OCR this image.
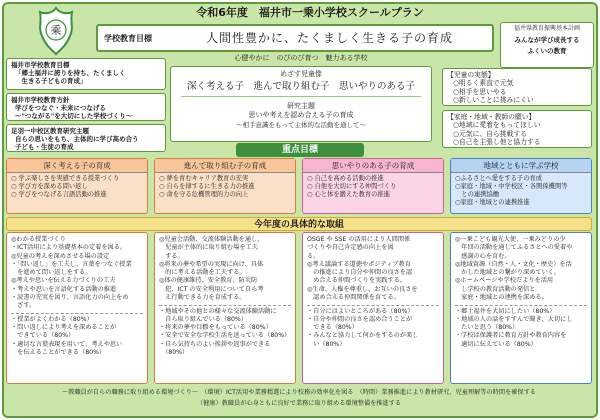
乘
令和6年度　福井市一乗小学校スクールプラン
学校教育目標	人間性豊かに、たくましく生きる子の育成
福井県教育振興基本計画
みんなが学び成長する
ふくいの教育
福井市学校教育目標
「郷土福井に誇りを持ち、たくましく
　生きる子どもの育成」
福井市学校教育方針
学びをつなぐ・未来につなげる
～"つながる"を大切にした学校づくり～
足羽一中校区教育研究主題
自らの思いをもち、主体的に学び高め合う
子ども・生徒の育成
心健やかに　のびのび育つ　魅力ある学校
めざす児童像
深く考える子　進んで取り組む子　思いやりのある子
研究主題
思いや考えを認め合える子の育成
～相手意識をもって主体的な活動を通して～
【児童の実態】
○明るく素直で元気
○相手を思いやる
○新しいことに挑みにくい
【家庭・地域・教師の願い】
○地域に愛着をもってほしい
○元気に、自ら挑戦する
○自己を主張し他と協力する
重点目標
深く考える子の育成
○ 学ぶ楽しさを実感できる授業づくり
○ 学び方を深める問い返し
○ 学びをつなげる言語活動の推進
進んで取り組む子の育成
○ 夢を育むキャリア教育の充実
○ 自らを律するに生きる力の推進
○ 命を守る危機管理的力の向上
思いやりのある子の育成
○ 自己を高める活動の推進
○ 自他を大切にする仲間づくり
○ 心と体を鍛えた教育の推進
地域とともに学ぶ学校
○ふるさとへ愛をする子の育成
○家庭・地域・中学校区・各関係機関等
　との連携協働
○家庭・地域との連携推進
今年度の具体的な取組
◎わかる授業づくり
・ICT活用により基礎基本の定着を図る。
◎児童の考えを深めさせる場の設定
・「問い返し」を工夫し、言葉をつなぐ授業
　を進めて問い返しをする。
◎考えや思いを伝える力づくりの工夫
・考えや思いを言語化する活動の推進
・読書の充実を図り、言語化力の向上をめ
　ざす。
・授業がよくわかる（80%）
・問い返しにより考えを深めることが
　できている（80%）
・適切な言葉表現を用いて、考えや思い
　を伝えることができる（80%）
◎児童会活動、交流体験活動を通し、
　児童が主体的に取り組む場を工夫
　する。
◎将来の夢や希望の実現に向け、具体
　的に考える活動を工夫する。
◎体の健康維持、安全教育、防災防
　犯、ICT の安全利用について自ら考
　え行動できる力を育成する。
・地域やその他との様々な交流体験活動に
　自ら取り組んでいる（80%）
・将来の夢や目標をもっている（80%）
・安全で安全な学校生活を送っている（80%）
・自ら気持ちのよい挨拶や返事ができる
　（80%）
OSGE や SSE の活用により人間関係
づくりや自己肯定感の向上を図
る。
◎考え議論する道徳やポジティブ教育
　の推進により自分や仲間の良さを認
　め合える仲間づくりを実践する。
◎生命、人権を尊重し、お互いの良さを
　認め合える仲間関係を育てる。
・自分にはよいところがある（80%）
・自分や仲間の良さを認め合うことが
　できる（80%）
・みんなと協力して何かをするのが楽し
　い（80%）
◎一乗こども観光大使、一乗みどりの少
　年団の活動を通してふるさとへの愛着や
　感謝の心を育む。
◎地域資源（自然・人・文化・歴史）を活
　かした地域との繋がり深めていく。
◎ホームページや学校だよりを活用
　し学校の教育活動の発信と
　家庭・地域との連携を深める。
・郷土福井を大切にしたい（80%）
・地域の人の話をすすんで聞き、大切にし
　たいと思う（80%）
・学校は保護者に教育方針や教育内容を
　適切に伝えている（80%）
～教職員が自らの職務に取り組める環境づくり～　（環境）ICT活用や業務精選により校務の効率化を図る　（時間）業務推進により教材研究、児童理解等の時間を確保する
（健康）教職員が心身ともに良好で業務に取り組める環境整備を推進する
